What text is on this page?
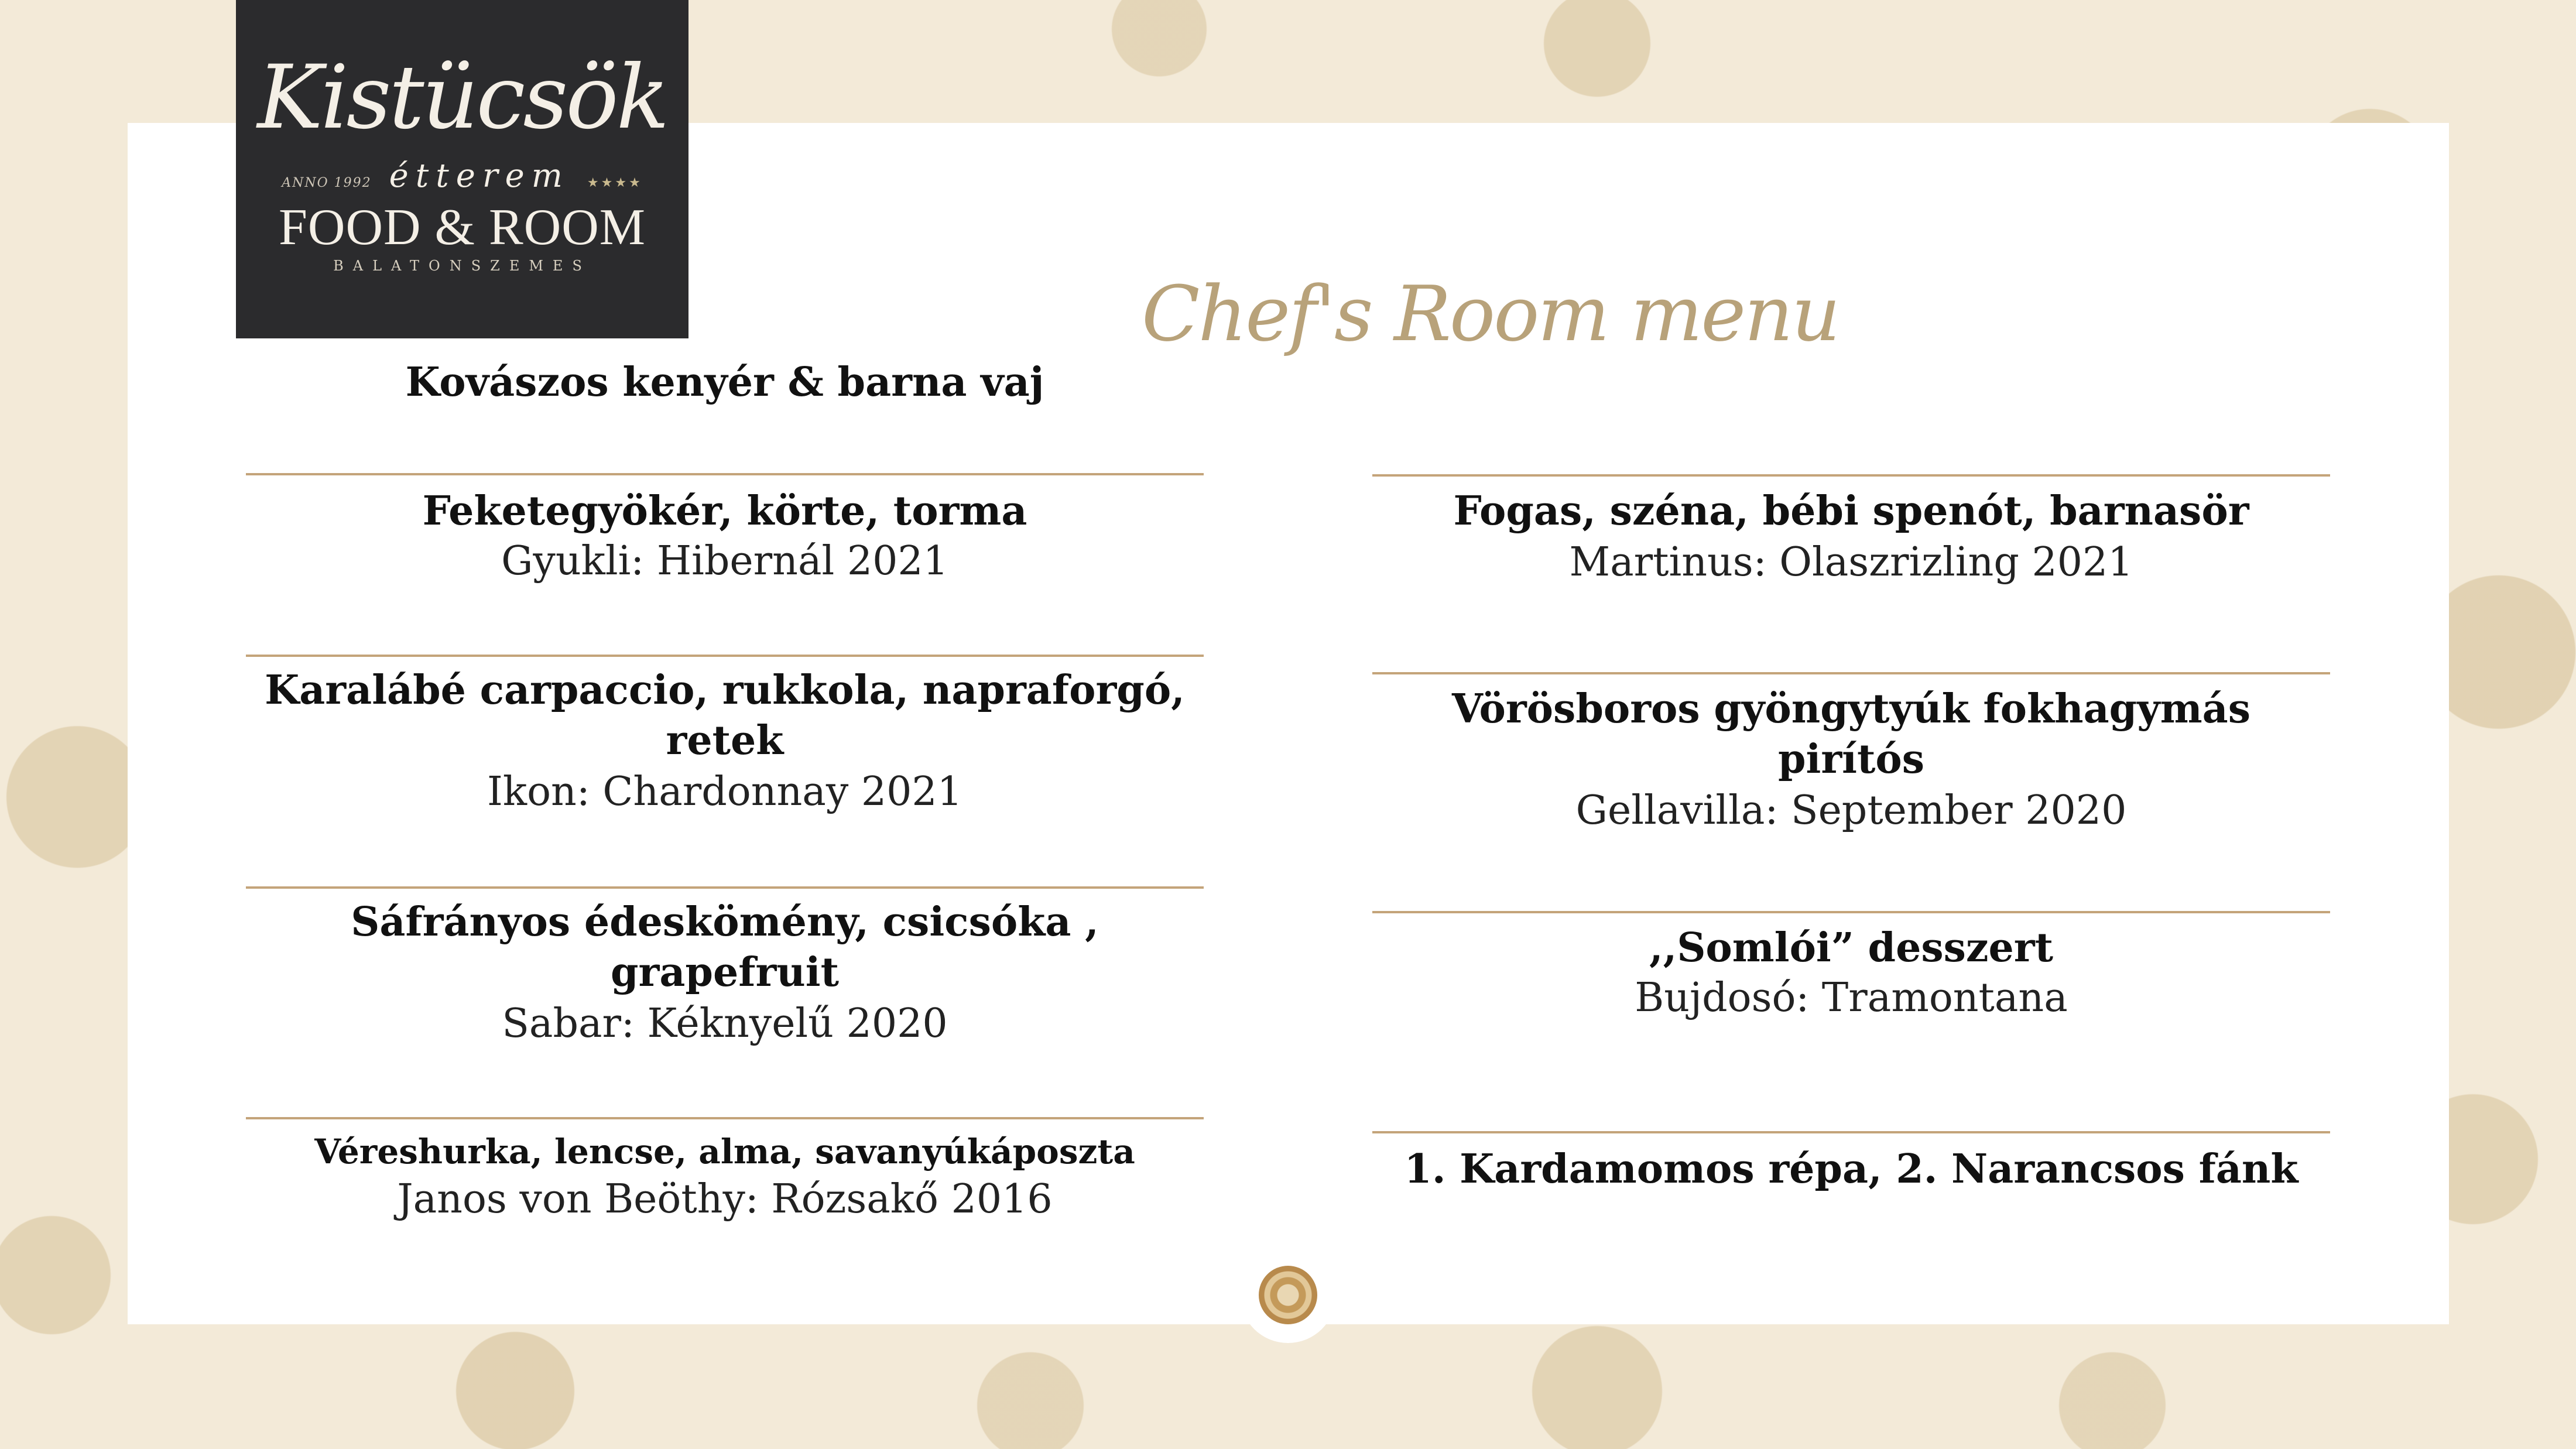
Kistücsök
ANNO 1992 étterem ★★★★
FOOD & ROOM
BALATONSZEMES
Chef's Room menu
Kovászos kenyér & barna vaj
Feketegyökér, körte, torma
Gyukli: Hibernál 2021
Karalábé carpaccio, rukkola, napraforgó, retek
Ikon: Chardonnay 2021
Sáfrányos édeskömény, csicsóka , grapefruit
Sabar: Kéknyelű 2020
Véreshurka, lencse, alma, savanyúkáposzta
Janos von Beöthy: Rózsakő 2016
Fogas, széna, bébi spenót, barnasör
Martinus: Olaszrizling 2021
Vörösboros gyöngytyúk fokhagymás pirítós
Gellavilla: September 2020
,,Somlói” desszert
Bujdosó: Tramontana
1. Kardamomos répa, 2. Narancsos fánk
